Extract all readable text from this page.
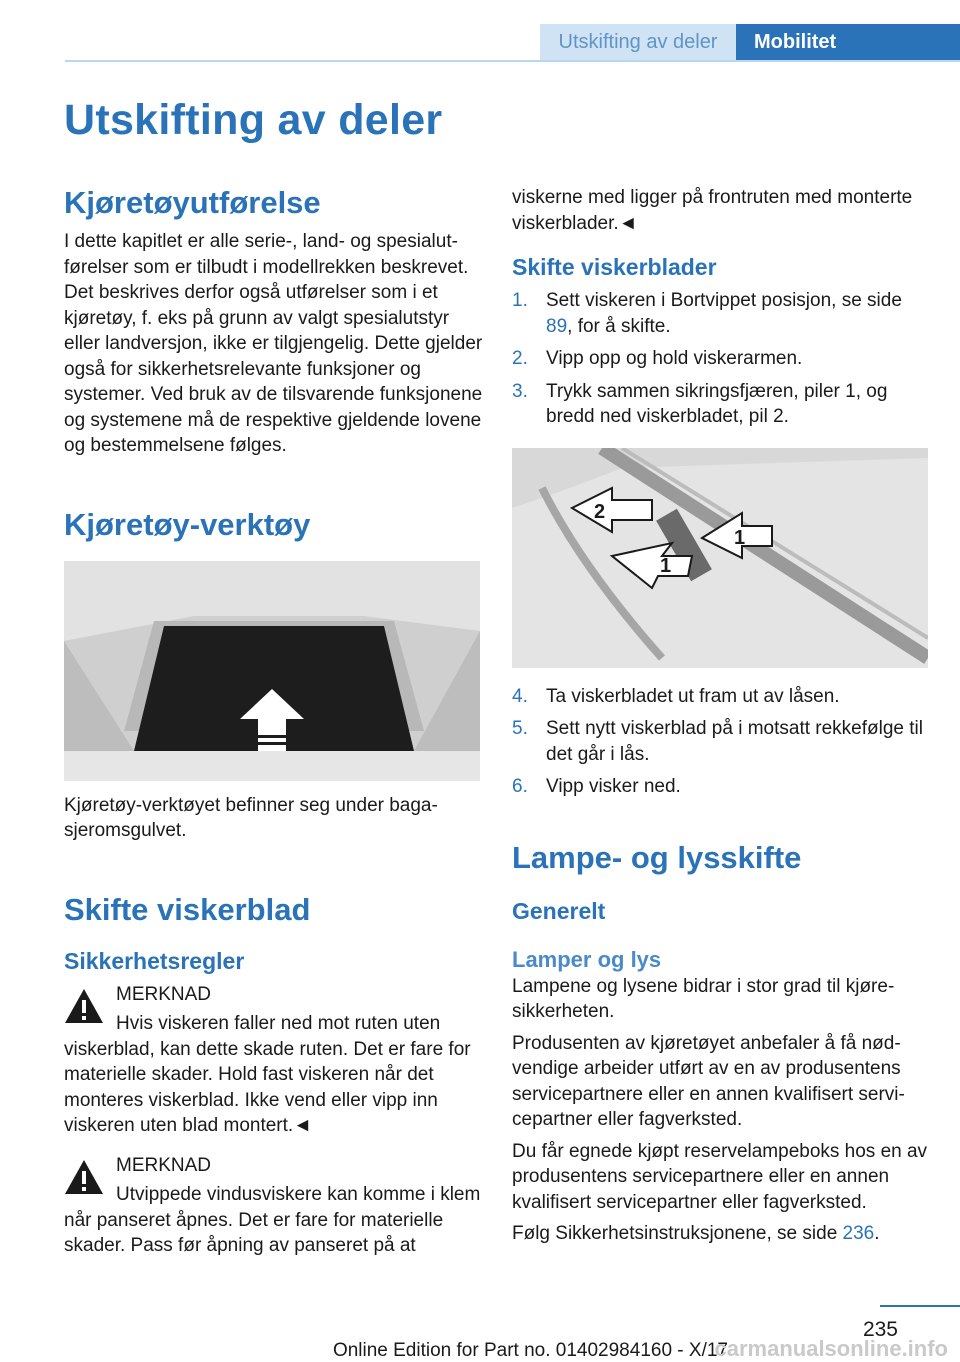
Utskifting av deler	Mobilitet
Utskifting av deler
Kjøretøyutførelse

I dette kapitlet er alle serie-, land- og spesialutførelser som er tilbudt i modellrekken beskrevet. Det beskrives derfor også utførelser som i et kjøretøy, f. eks på grunn av valgt spesialutstyr eller landversjon, ikke er tilgjengelig. Dette gjelder også for sikkerhetsrelevante funksjoner og systemer. Ved bruk av de tilsvarende funksjonene og systemene må de respektive gjeldende lovene og bestemmelsene følges.

Kjøretøy-verktøy

Kjøretøy-verktøyet befinner seg under bagasjeromsgulvet.

Skifte viskerblad
Sikkerhetsregler
MERKNAD

Hvis viskeren faller ned mot ruten uten viskerblad, kan dette skade ruten. Det er fare for materielle skader. Hold fast viskeren når det monteres viskerblad. Ikke vend eller vipp inn viskeren uten blad montert.◄

MERKNAD

Utvippede vindusviskere kan komme i klem når panseret åpnes. Det er fare for materielle skader. Pass før åpning av panseret på at

viskerne med ligger på frontruten med monterte viskerblader.◄

Skifte viskerblader
1. Sett viskeren i Bortvippet posisjon, se side 89, for å skifte.
2. Vipp opp og hold viskerarmen.
3. Trykk sammen sikringsfjæren, piler 1, og bredd ned viskerbladet, pil 2.
2
1
1
4. Ta viskerbladet ut fram ut av låsen.
5. Sett nytt viskerblad på i motsatt rekkefølge til det går i lås.
6. Vipp visker ned.
Lampe- og lysskifte
Generelt
Lamper og lys

Lampene og lysene bidrar i stor grad til kjøresikkerheten.

Produsenten av kjøretøyet anbefaler å få nødvendige arbeider utført av en av produsentens servicepartnere eller en annen kvalifisert servicepartner eller fagverksted.

Du får egnede kjøpt reservelampeboks hos en av produsentens servicepartnere eller en annen kvalifisert servicepartner eller fagverksted.

Følg Sikkerhetsinstruksjonene, se side 236.

235
Online Edition for Part no. 01402984160 - X/17
carmanualsonline.info
